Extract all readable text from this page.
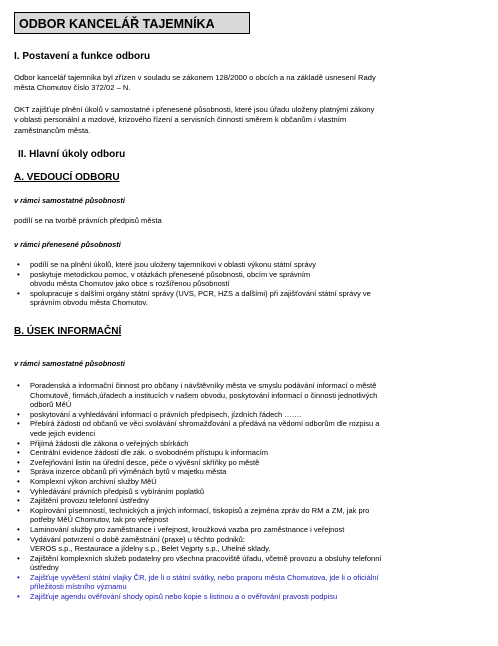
ODBOR KANCELÁŘ TAJEMNÍKA
I. Postavení a funkce odboru
Odbor kancelář tajemníka byl zřízen v souladu se zákonem 128/2000 o obcích a na základě usnesení Rady
města Chomutov číslo 372/02 – N.
OKT zajišťuje plnění úkolů v samostatné i přenesené působnosti, které jsou úřadu uloženy platnými zákony
v oblasti personální a mzdové, krizového řízení a servisních činností směrem k občanům i vlastním
zaměstnancům města.
II. Hlavní úkoly odboru
A. VEDOUCÍ ODBORU
v rámci samostatné působnosti
podílí se na tvorbě právních předpisů města
v rámci přenesené působnosti
• podílí se na plnění úkolů, které jsou uloženy tajemníkovi v oblasti výkonu státní správy
• poskytuje metodickou pomoc, v otázkách přenesené působnosti, obcím ve správním
obvodu města Chomutov jako obce s rozšířenou působností
• spolupracuje s dalšími orgány státní správy (UVS, PCR, HZS a dalšími) při zajišťování státní správy ve
správním obvodu města Chomutov.
B. ÚSEK INFORMAČNÍ
v rámci samostatné působnosti
• Poradenská a informační činnost pro občany i návštěvníky města ve smyslu podávání informací o městě
Chomutově, firmách,úřadech a institucích v našem obvodu, poskytování informací o činnosti jednotlivých
odborů MěÚ
• poskytování a vyhledávání informací o právních předpisech, jízdních řádech …….
• Přebírá žádosti od občanů ve věci svolávání shromažďování a předává na vědomí odborům dle rozpisu a
vede jejich evidenci
• Přijímá žádosti dle zákona o veřejných sbírkách
• Centrální evidence žádostí dle zák. o svobodném přístupu k informacím
• Zveřejňování listin na úřední desce, péče o vývěsní skříňky po městě
• Správa inzerce občanů při výměnách bytů v majetku města
• Komplexní výkon archivní služby MěÚ
• Vyhledávání právních předpisů s vybíráním poplatků
• Zajištění provozu telefonní ústředny
• Kopírování písemností, technických a jiných informací, tiskopisů a zejména zpráv do RM a ZM, jak pro
potřeby MěÚ Chomutov, tak pro veřejnost
• Laminování služby pro zaměstnance i veřejnost, kroužková vazba pro zaměstnance i veřejnost
• Vydávání potvrzení o době zaměstnání (praxe) u těchto podniků:
VEROS s.p., Restaurace a jídelny s.p., Belet Vejprty s.p., Uhelné sklady.
• Zajištění komplexních služeb podatelny pro všechna pracoviště úřadu, včetně provozu a obsluhy telefonní
ústředny
• Zajišťuje vyvěšení státní vlajky ČR, jde li o státní svátky, nebo praporu města Chomutova, jde li o oficiální
příležitosti místního významu
• Zajišťuje agendu ověřování shody opisů nebo kopie s listinou a o ověřování pravosti podpisu
